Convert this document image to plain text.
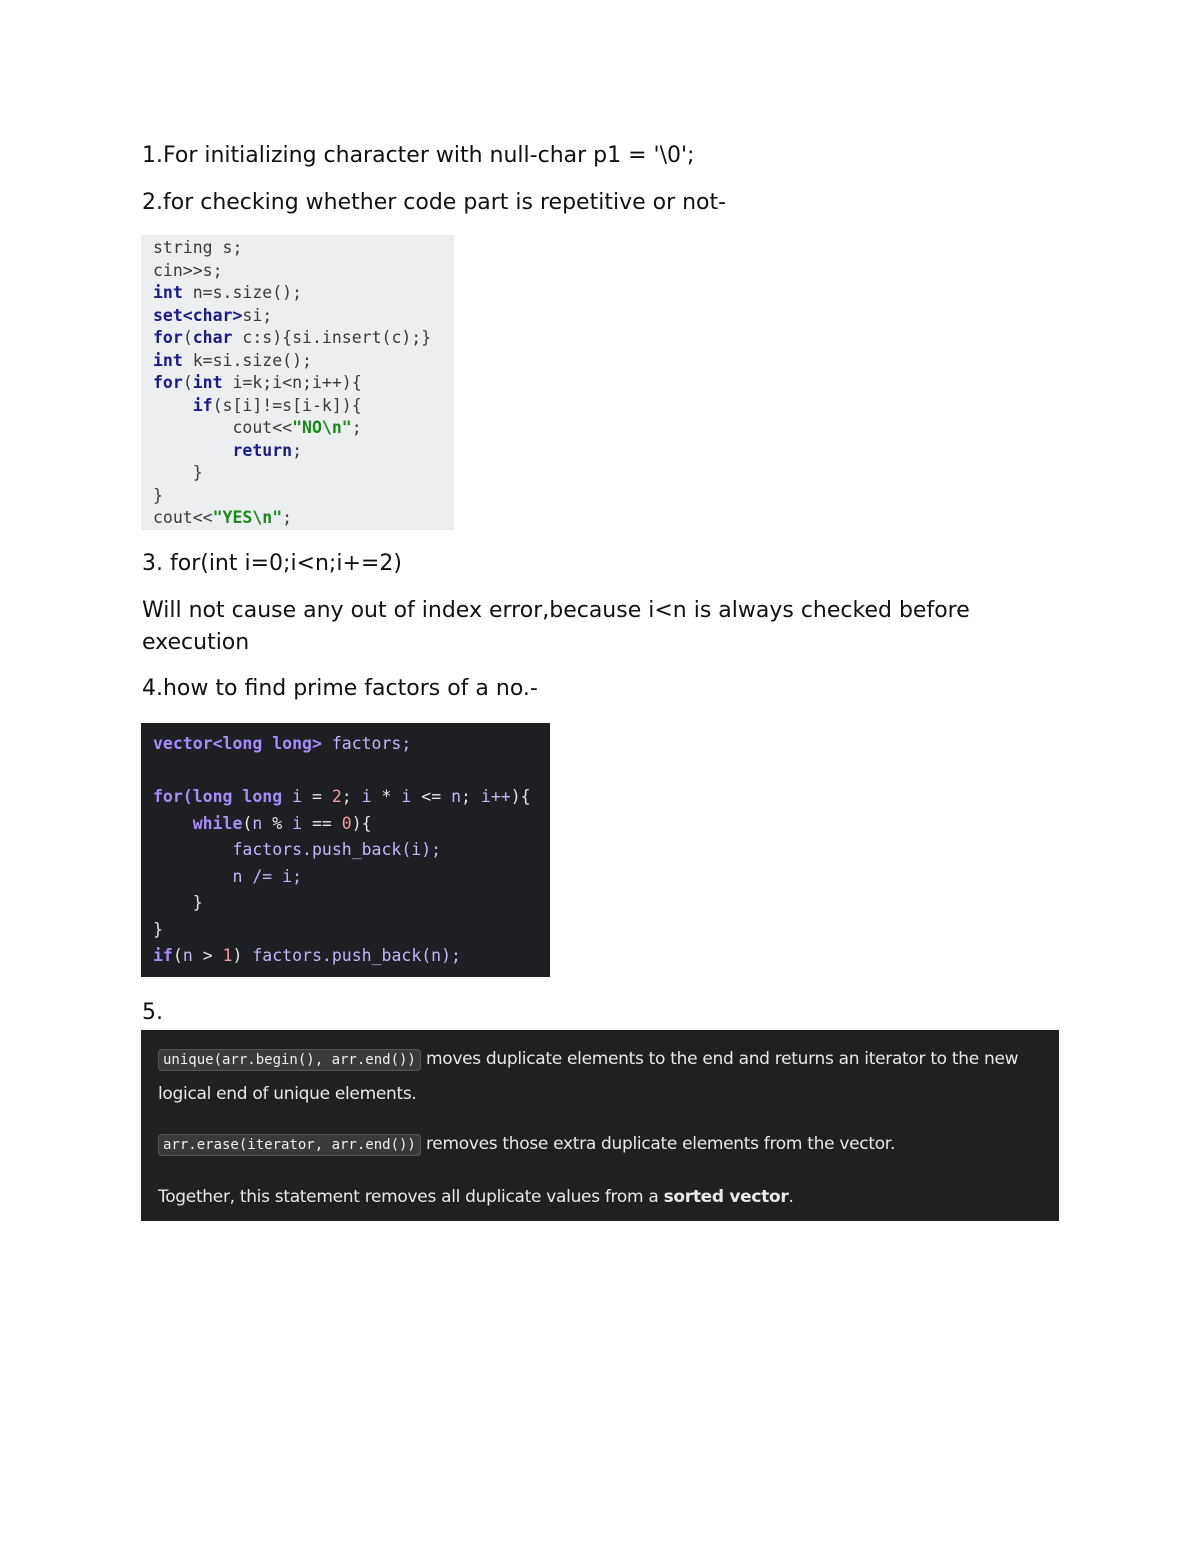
1.For initializing character with null-char p1 = '\0';

2.for checking whether code part is repetitive or not-

string s;
cin>>s;
int n=s.size();
set<char>si;
for(char c:s){si.insert(c);}
int k=si.size();
for(int i=k;i<n;i++){
if(s[i]!=s[i-k]){
cout<<"NO\n";
return;
}
}
cout<<"YES\n";

3. for(int i=0;i<n;i+=2)

Will not cause any out of index error,because i<n is always checked before execution

4.how to find prime factors of a no.-

vector<long long> factors;

for(long long i = 2; i * i <= n; i++){
while(n % i == 0){
factors.push_back(i);
n /= i;
}
}
if(n > 1) factors.push_back(n);

5.

unique(arr.begin(), arr.end()) moves duplicate elements to the end and returns an iterator to the new logical end of unique elements.

arr.erase(iterator, arr.end()) removes those extra duplicate elements from the vector.

Together, this statement removes all duplicate values from a sorted vector.
